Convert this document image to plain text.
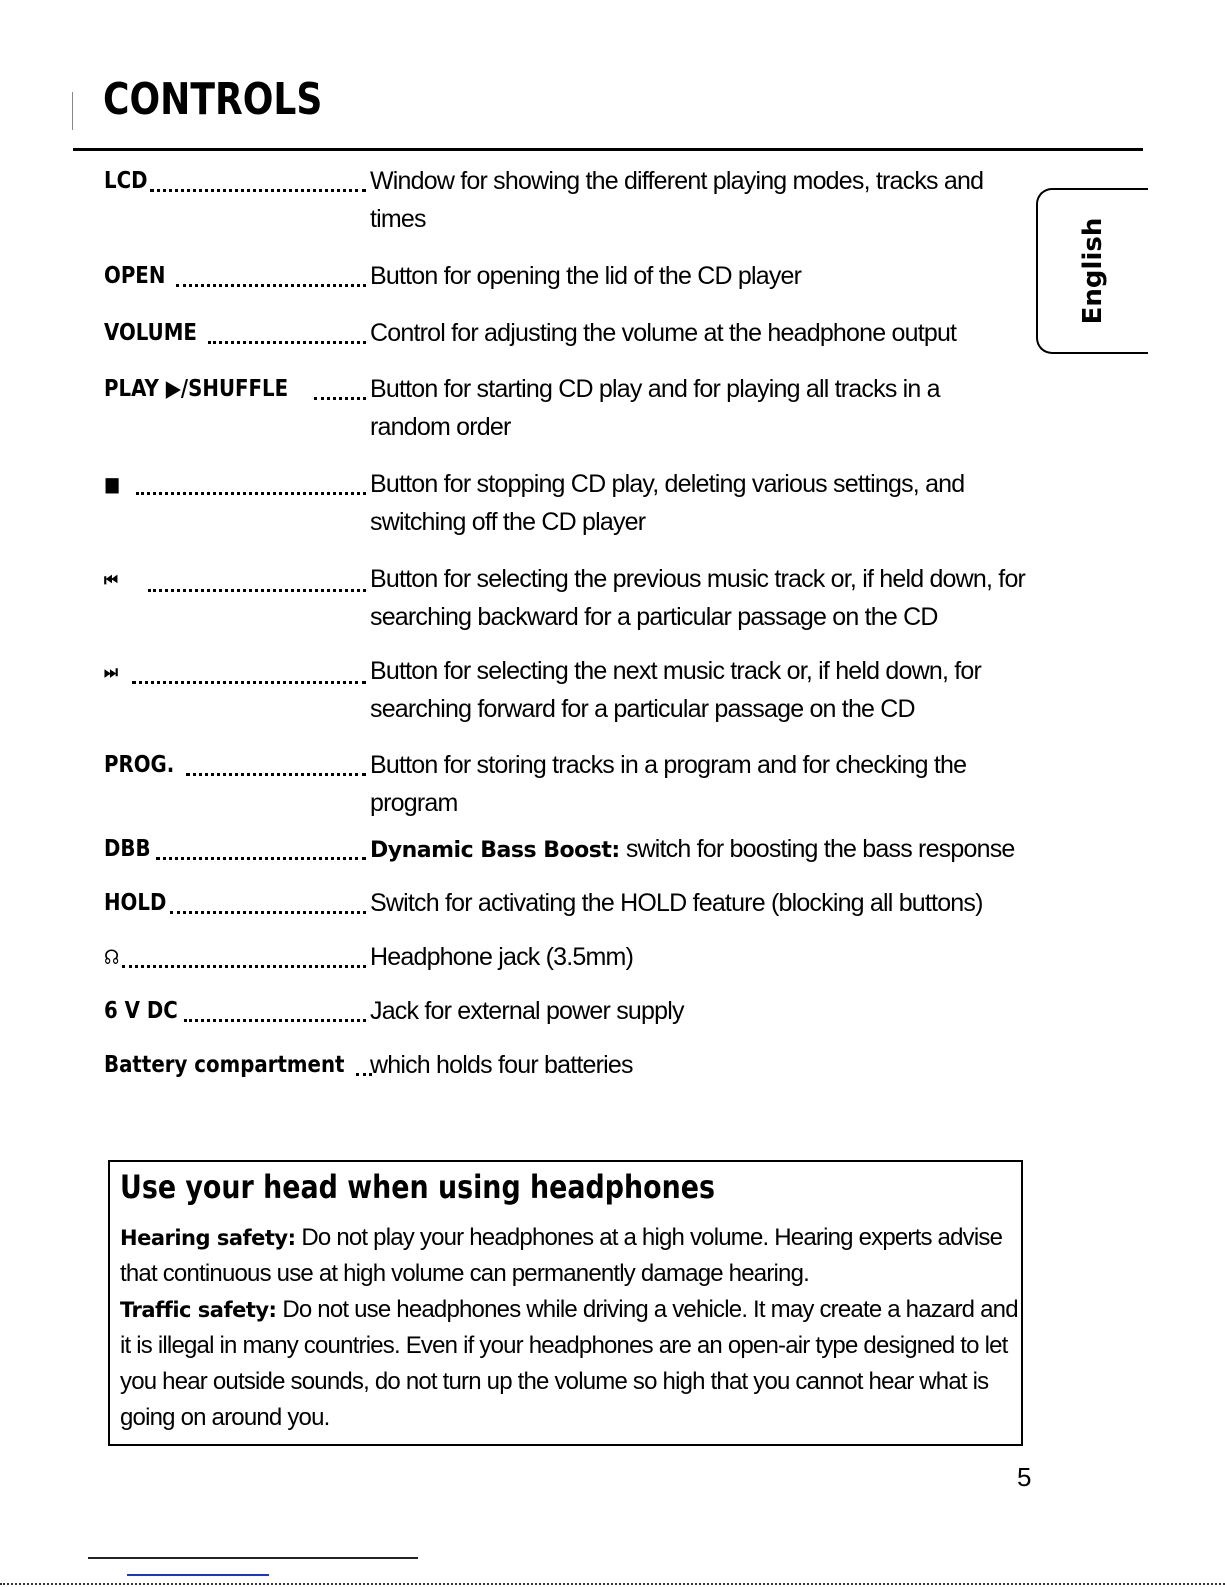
CONTROLS
English
LCD	Window for showing the different playing modes, tracks and times
OPEN	Button for opening the lid of the CD player
VOLUME	Control for adjusting the volume at the headphone output
PLAY ▶/SHUFFLE	Button for starting CD play and for playing all tracks in a random order
■	Button for stopping CD play, deleting various settings, and switching off the CD player
⏮	Button for selecting the previous music track or, if held down, for searching backward for a particular passage on the CD
⏭	Button for selecting the next music track or, if held down, for searching forward for a particular passage on the CD
PROG.	Button for storing tracks in a program and for checking the program
DBB	Dynamic Bass Boost: switch for boosting the bass response
HOLD	Switch for activating the HOLD feature (blocking all buttons)
☊	Headphone jack (3.5mm)
6 V DC	Jack for external power supply
Battery compartment	which holds four batteries
Use your head when using headphones
Hearing safety: Do not play your headphones at a high volume. Hearing experts advise that continuous use at high volume can permanently damage hearing.
Traffic safety: Do not use headphones while driving a vehicle. It may create a hazard and it is illegal in many countries. Even if your headphones are an open-air type designed to let you hear outside sounds, do not turn up the volume so high that you cannot hear what is going on around you.
5
